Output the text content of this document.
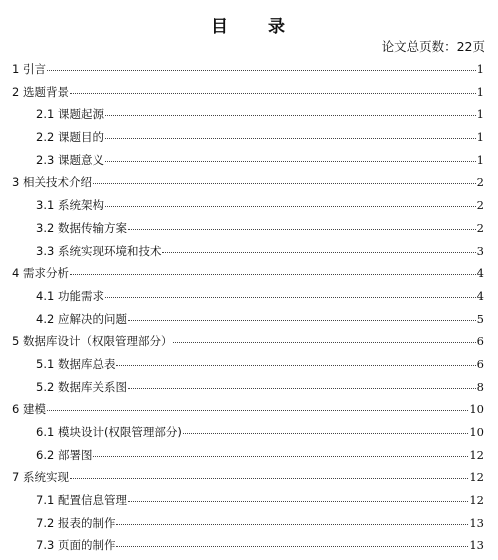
目　　录
论文总页数：22页
1 引言	1
2 选题背景	1
2.1 课题起源	1
2.2 课题目的	1
2.3 课题意义	1
3 相关技术介绍	2
3.1 系统架构	2
3.2 数据传输方案	2
3.3 系统实现环境和技术	3
4 需求分析	4
4.1 功能需求	4
4.2 应解决的问题	5
5 数据库设计（权限管理部分）	6
5.1 数据库总表	6
5.2 数据库关系图	8
6 建模	10
6.1 模块设计(权限管理部分)	10
6.2 部署图	12
7 系统实现	12
7.1 配置信息管理	12
7.2 报表的制作	13
7.3 页面的制作	13
